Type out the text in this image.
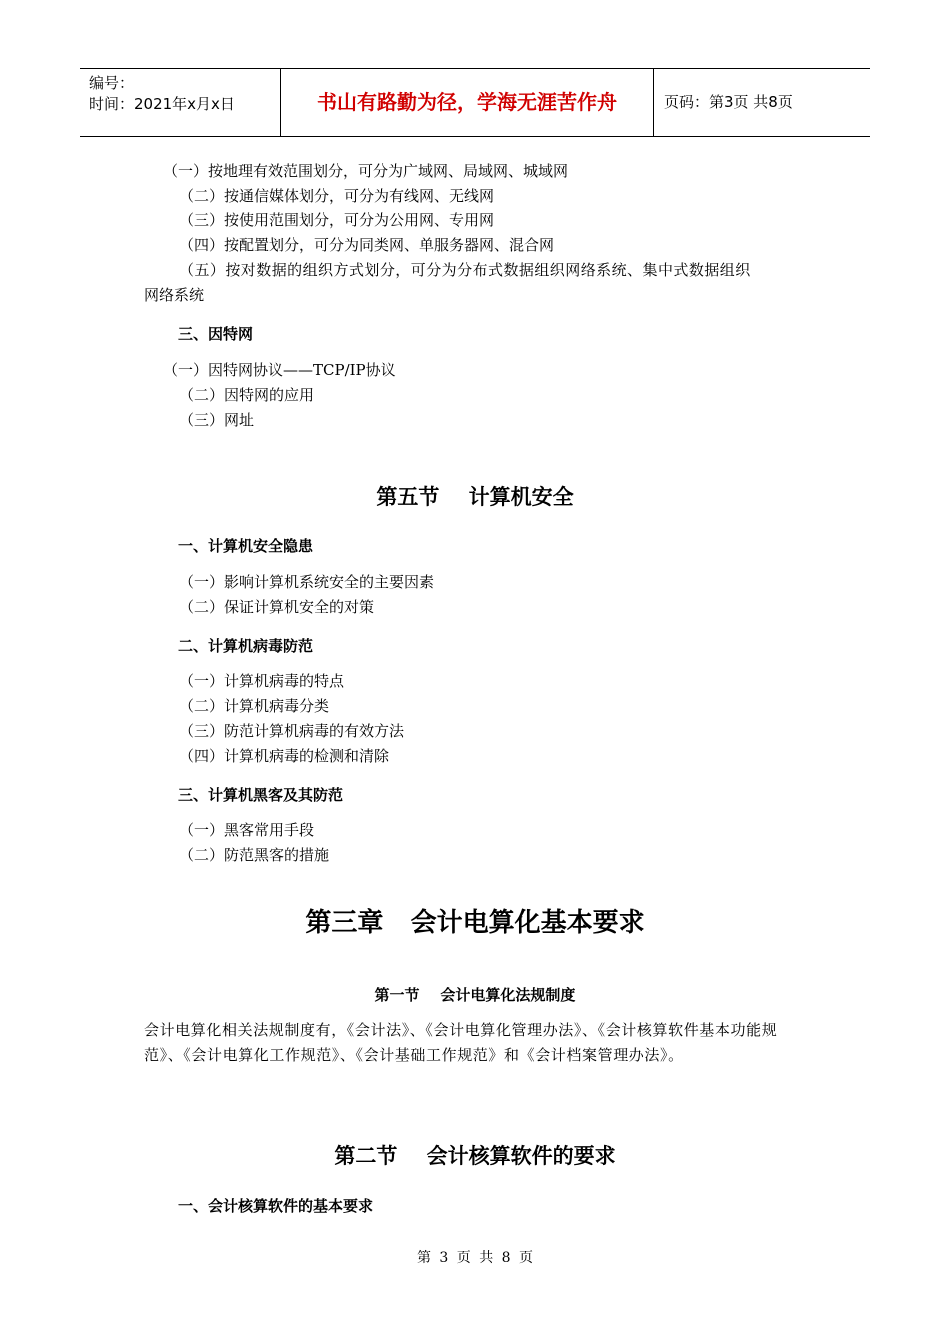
编号：
时间：2021年x月x日	书山有路勤为径，学海无涯苦作舟	页码：第3页 共8页
（一）按地理有效范围划分，可分为广域网、局域网、城域网
（二）按通信媒体划分，可分为有线网、无线网
（三）按使用范围划分，可分为公用网、专用网
（四）按配置划分，可分为同类网、单服务器网、混合网
（五）按对数据的组织方式划分，可分为分布式数据组织网络系统、集中式数据组织
网络系统
三、因特网
（一）因特网协议——TCP/IP协议
（二）因特网的应用
（三）网址
第五节    计算机安全
一、计算机安全隐患
（一）影响计算机系统安全的主要因素
（二）保证计算机安全的对策
二、计算机病毒防范
（一）计算机病毒的特点
（二）计算机病毒分类
（三）防范计算机病毒的有效方法
（四）计算机病毒的检测和清除
三、计算机黑客及其防范
（一）黑客常用手段
（二）防范黑客的措施
第三章   会计电算化基本要求
第一节    会计电算化法规制度
会计电算化相关法规制度有，《会计法》、《会计电算化管理办法》、《会计核算软件基本功能规范》、《会计电算化工作规范》、《会计基础工作规范》和《会计档案管理办法》。
第二节    会计核算软件的要求
一、会计核算软件的基本要求
第 3 页 共 8 页
